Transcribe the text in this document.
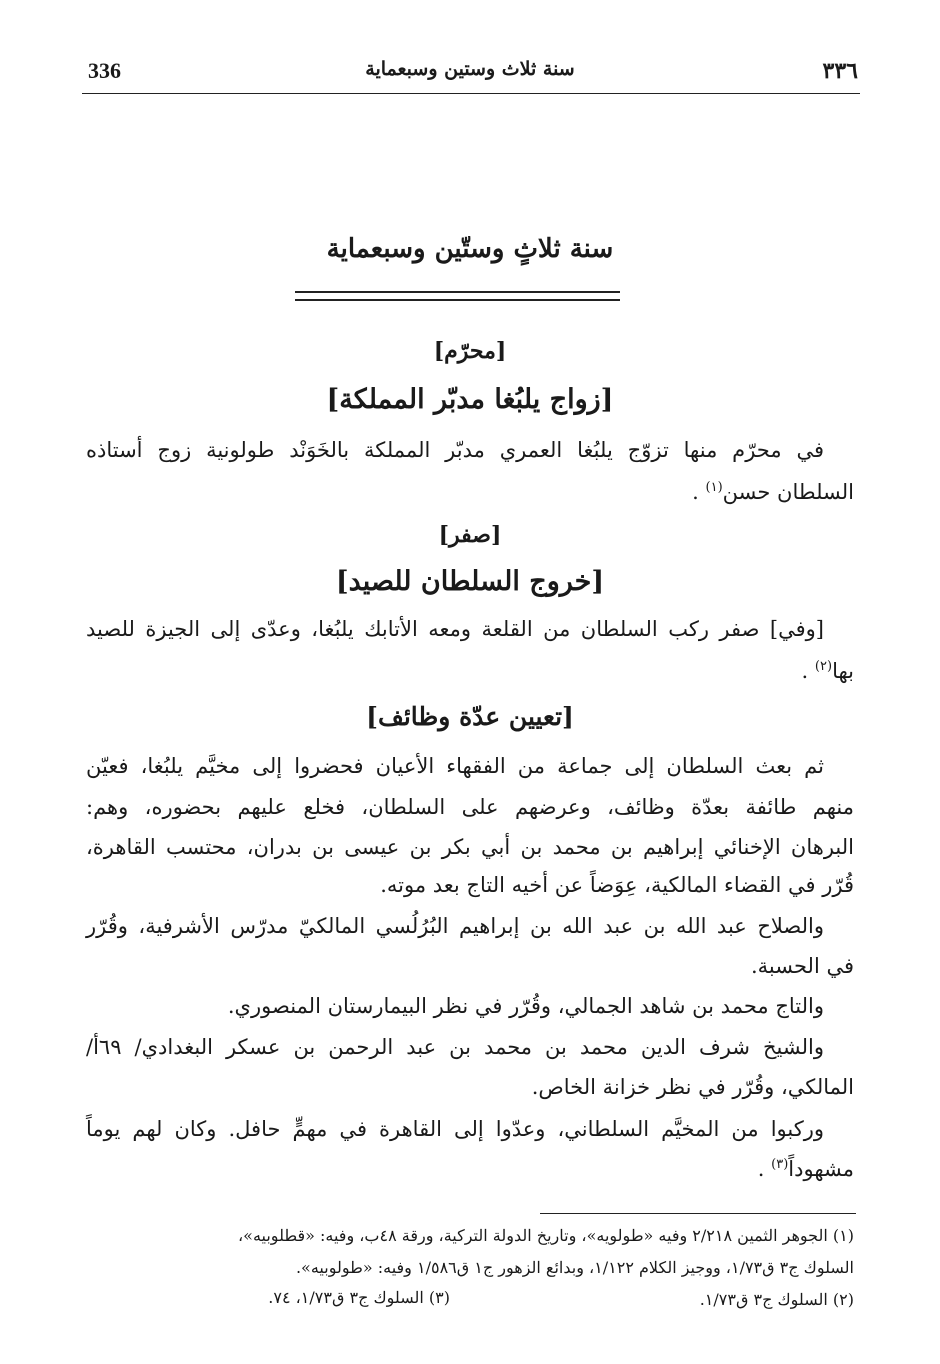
336	سنة ثلاث وستين وسبعماية	٣٣٦
سنة ثلاثٍ وستّين وسبعماية
[محرّم]
[زواج يلبُغا مدبّر المملكة]
في محرّم منها تزوّج يلبُغا العمري مدبّر المملكة بالخَوَنْد طولونية زوج أستاذه
السلطان حسن$^{(١)}$ .
[صفر]
[خروج السلطان للصيد]
[وفي] صفر ركب السلطان من القلعة ومعه الأتابك يلبُغا، وعدّى إلى الجيزة للصيد
بها$^{(٢)}$ .
[تعيين عدّة وظائف]
ثم بعث السلطان إلى جماعة من الفقهاء الأعيان فحضروا إلى مخيَّم يلبُغا، فعيّن
منهم طائفة بعدّة وظائف، وعرضهم على السلطان، فخلع عليهم بحضوره، وهم:
البرهان الإخنائي إبراهيم بن محمد بن أبي بكر بن عيسى بن بدران، محتسب القاهرة،
قُرّر في القضاء المالكية، عِوَضاً عن أخيه التاج بعد موته.
والصلاح عبد الله بن عبد الله بن إبراهيم البُرُلُسي المالكيّ مدرّس الأشرفية، وقُرّر
في الحسبة.
والتاج محمد بن شاهد الجمالي، وقُرّر في نظر البيمارستان المنصوري.
والشيخ شرف الدين محمد بن محمد بن عبد الرحمن بن عسكر البغدادي/ ٦٩أ/
المالكي، وقُرّر في نظر خزانة الخاص.
وركبوا من المخيَّم السلطاني، وعدّوا إلى القاهرة في مهمٍّ حافل. وكان لهم يوماً
مشهوداً$^{(٣)}$ .
(١) الجوهر الثمين ٢/٢١٨ وفيه «طولويه»، وتاريخ الدولة التركية، ورقة ٤٨ب، وفيه: «قطلوبيه»،
السلوك ج٣ ق١/٧٣، ووجيز الكلام ١/١٢٢، وبدائع الزهور ج١ ق١/٥٨٦ وفيه: «طولوبيه».
(٢) السلوك ج٣ ق١/٧٣.
(٣) السلوك ج٣ ق١/٧٣، ٧٤.
